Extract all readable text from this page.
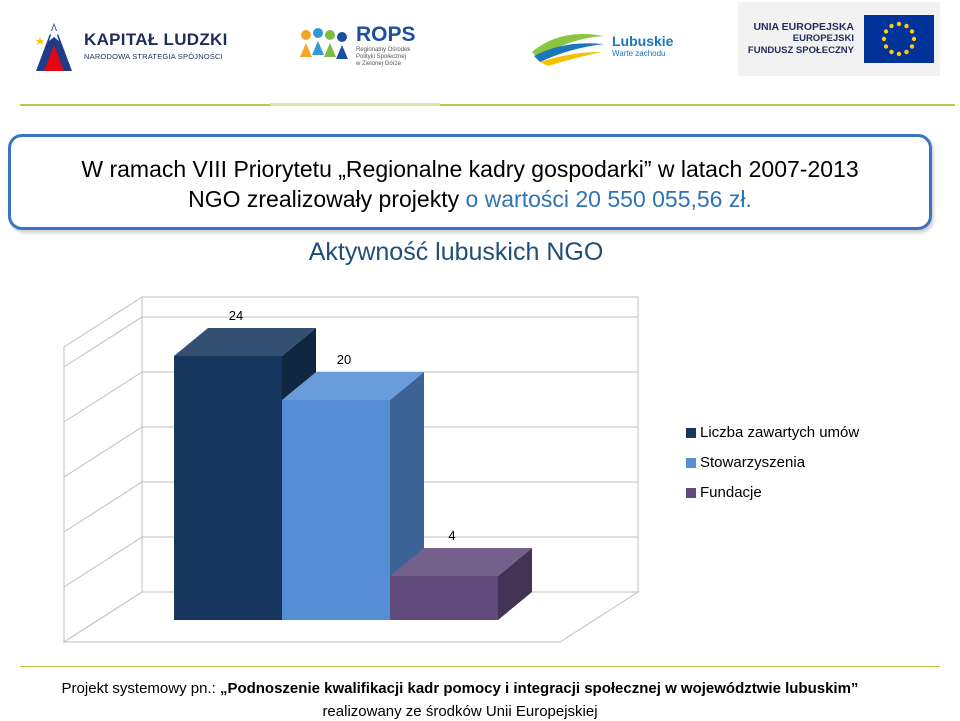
KAPITAŁ LUDZKI
NARODOWA STRATEGIA SPÓJNOŚCI
ROPS
Regionalny Ośrodek
Polityki Społecznej
w Zielonej Górze
Lubuskie
Warte zachodu
UNIA EUROPEJSKA
EUROPEJSKI
FUNDUSZ SPOŁECZNY
W ramach VIII Priorytetu „Regionalne kadry gospodarki” w latach 2007-2013
NGO zrealizowały projekty o wartości 20 550 055,56 zł.
Aktywność lubuskich NGO
24
20
4
Liczba zawartych umów
Stowarzyszenia
Fundacje
Projekt systemowy pn.: „Podnoszenie kwalifikacji kadr pomocy i integracji społecznej w województwie lubuskim”
realizowany ze środków Unii Europejskiej
